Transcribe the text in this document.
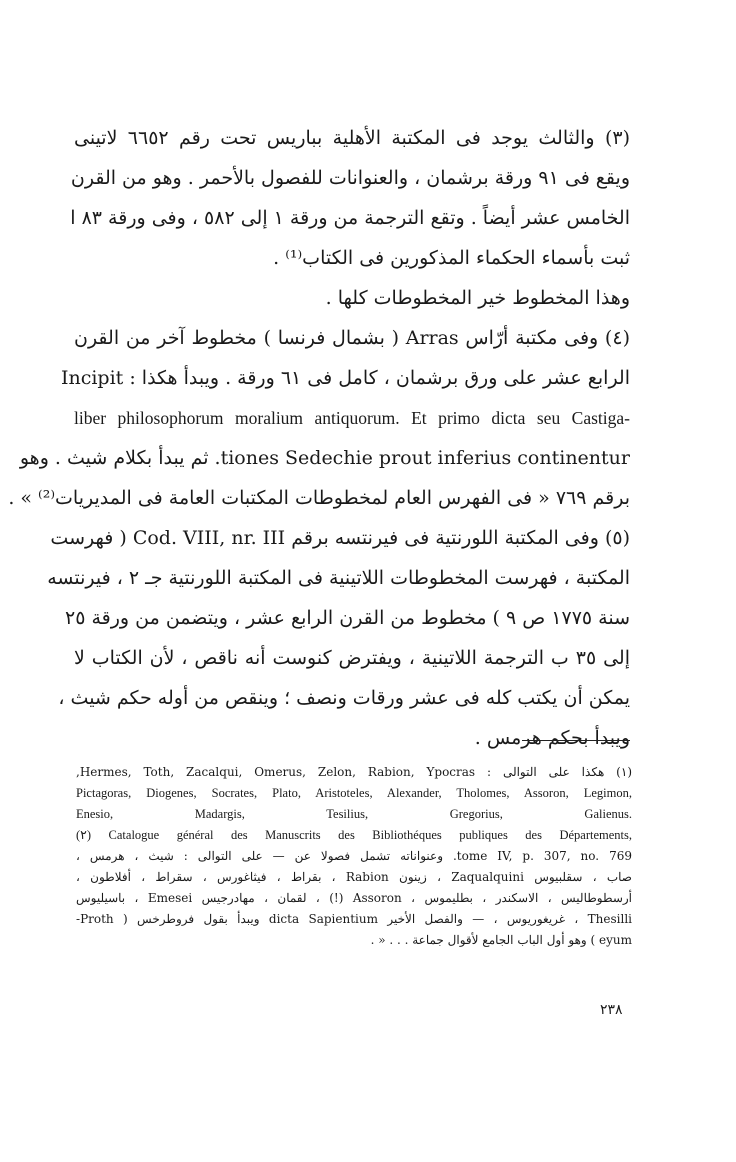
(٣) والثالث يوجد فى المكتبة الأهلية بباريس تحت رقم ٦٦٥٢ لاتينى
ويقع فى ٩١ ورقة برشمان ، والعنوانات للفصول بالأحمر . وهو من القرن
الخامس عشر أيضاً . وتقع الترجمة من ورقة ١ إلى ٥٨٢ ، وفى ورقة ٨٣ ا
ثبت بأسماء الحكماء المذكورين فى الكتاب⁽¹⁾ .
وهذا المخطوط خير المخطوطات كلها .
(٤) وفى مكتبة أرّاس Arras ( بشمال فرنسا ) مخطوط آخر من القرن
الرابع عشر على ورق برشمان ، كامل فى ٦١ ورقة . ويبدأ هكذا : Incipit
liber philosophorum moralium antiquorum. Et primo dicta seu Castiga-
tiones Sedechie prout inferius continentur. ثم يبدأ بكلام شيث . وهو
برقم ٧٦٩ « فى الفهرس العام لمخطوطات المكتبات العامة فى المديريات⁽²⁾ » .
(٥) وفى المكتبة اللورنتية فى فيرنتسه برقم Cod. VIII, nr. III ( فهرست
المكتبة ، فهرست المخطوطات اللاتينية فى المكتبة اللورنتية جـ ٢ ، فيرنتسه
سنة ١٧٧٥ ص ٩ ) مخطوط من القرن الرابع عشر ، ويتضمن من ورقة ٢٥
إلى ٣٥ ب الترجمة اللاتينية ، ويفترض كنوست أنه ناقص ، لأن الكتاب لا
يمكن أن يكتب كله فى عشر ورقات ونصف ؛ وينقص من أوله حكم شيث ،
ويبدأ بحكم هرمس .
(١) هكذا على التوالى : Hermes, Toth, Zacalqui, Omerus, Zelon, Rabion, Ypocras,
Pictagoras, Diogenes, Socrates, Plato, Aristoteles, Alexander, Tholomes, Assoron, Legimon,
Enesio, Madargis, Tesilius, Gregorius, Galienus.
(٢) Catalogue général des Manuscrits des Bibliothéques publiques des Départements,
tome IV, p. 307, no. 769. وعنواناته تشمل فصولا عن — على التوالى : شيث ، هرمس ،
صاب ، سقلبيوس Zaqualquini ، زينون Rabion ، بقراط ، فيثاغورس ، سقراط ، أفلاطون ،
أرسطوطاليس ، الاسكندر ، بطليموس ، Assoron (!) ، لقمان ، مهادرجيس Emesei ، باسيليوس
Thesilli ، غريغوريوس ، — والفصل الأخير dicta Sapientium ويبدأ بقول فروطرخس ( Proth-
eyum ) وهو أول الباب الجامع لأقوال جماعة . . . « .
٢٣٨
